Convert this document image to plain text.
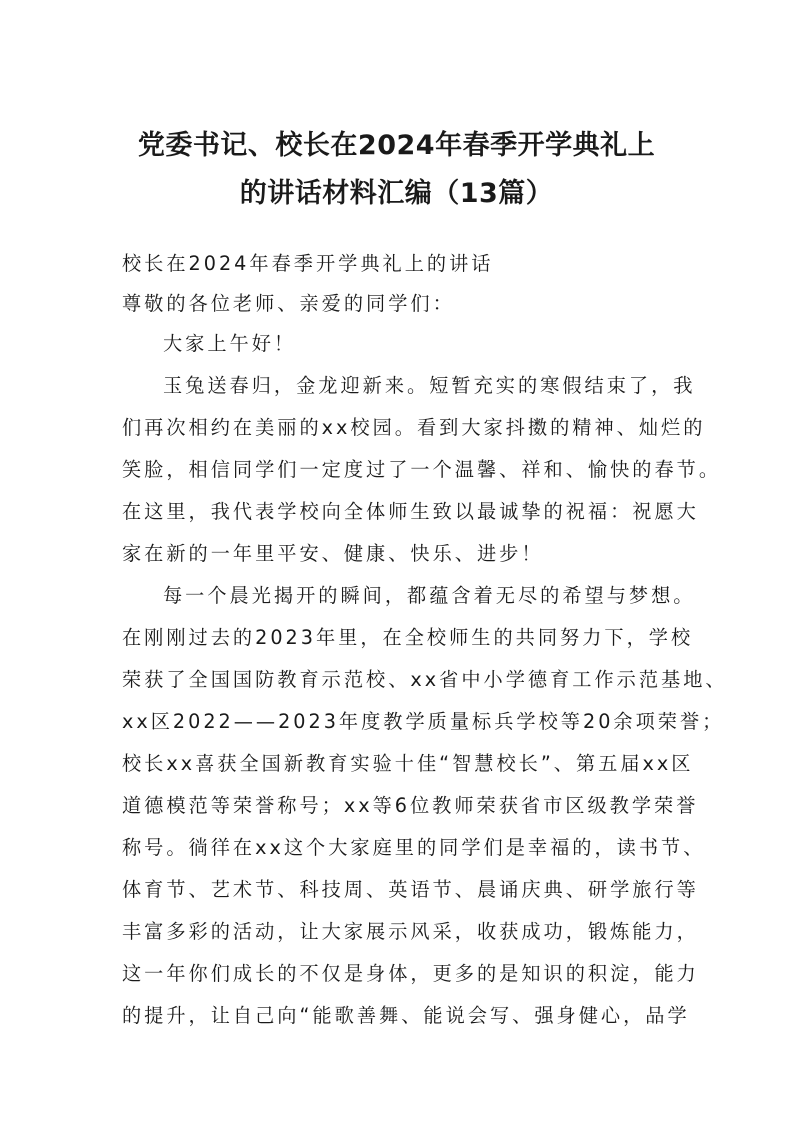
党委书记、校长在2024年春季开学典礼上
的讲话材料汇编（13篇）
校长在2024年春季开学典礼上的讲话
尊敬的各位老师、亲爱的同学们：
大家上午好！
玉兔送春归，金龙迎新来。短暂充实的寒假结束了，我
们再次相约在美丽的xx校园。看到大家抖擞的精神、灿烂的
笑脸，相信同学们一定度过了一个温馨、祥和、愉快的春节。
在这里，我代表学校向全体师生致以最诚挚的祝福：祝愿大
家在新的一年里平安、健康、快乐、进步！
每一个晨光揭开的瞬间，都蕴含着无尽的希望与梦想。
在刚刚过去的2023年里，在全校师生的共同努力下，学校
荣获了全国国防教育示范校、xx省中小学德育工作示范基地、
xx区2022——2023年度教学质量标兵学校等20余项荣誉；
校长xx喜获全国新教育实验十佳“智慧校长”、第五届xx区
道德模范等荣誉称号；xx等6位教师荣获省市区级教学荣誉
称号。徜徉在xx这个大家庭里的同学们是幸福的，读书节、
体育节、艺术节、科技周、英语节、晨诵庆典、研学旅行等
丰富多彩的活动，让大家展示风采，收获成功，锻炼能力，
这一年你们成长的不仅是身体，更多的是知识的积淀，能力
的提升，让自己向“能歌善舞、能说会写、强身健心，品学
